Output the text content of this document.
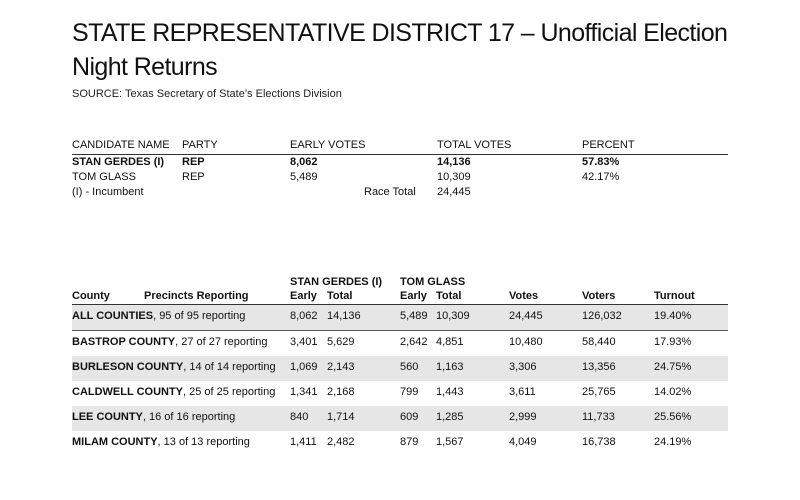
STATE REPRESENTATIVE DISTRICT 17 – Unofficial Election Night Returns
SOURCE: Texas Secretary of State’s Elections Division
CANDIDATE NAME PARTY	EARLY VOTES	TOTAL VOTES	PERCENT
STAN GERDES (I) REP	8,062	14,136	57.83%
TOM GLASS	REP	5,489	10,309	42.17%
(I) - Incumbent	Race Total 24,445
STAN GERDES (I) TOM GLASS
County	Precincts Reporting	Early Total	Early Total	Votes	Voters	Turnout
ALL COUNTIES, 95 of 95 reporting	8,062 14,136	5,489 10,309	24,445	126,032	19.40%
BASTROP COUNTY, 27 of 27 reporting 3,401 5,629	2,642 4,851	10,480	58,440	17.93%
BURLESON COUNTY, 14 of 14 reporting 1,069 2,143	560 1,163	3,306	13,356	24.75%
CALDWELL COUNTY, 25 of 25 reporting 1,341 2,168	799 1,443	3,611	25,765	14.02%
LEE COUNTY, 16 of 16 reporting	840 1,714	609 1,285	2,999	11,733	25.56%
MILAM COUNTY, 13 of 13 reporting	1,411 2,482	879 1,567	4,049	16,738	24.19%
